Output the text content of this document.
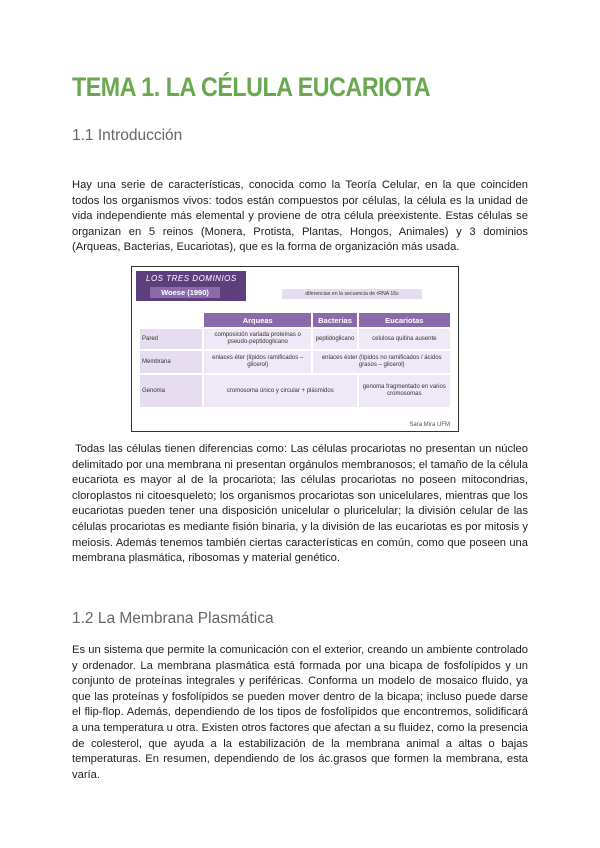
TEMA 1. LA CÉLULA EUCARIOTA
1.1 Introducción

Hay una serie de características, conocida como la Teoría Celular, en la que coinciden todos los organismos vivos: todos están compuestos por células, la célula es la unidad de vida independiente más elemental y proviene de otra célula preexistente. Estas células se organizan en 5 reinos (Monera, Protista, Plantas, Hongos, Animales) y 3 dominios (Arqueas, Bacterias, Eucariotas), que es la forma de organización más usada.

LOS TRES DOMINIOS
Woese (1990)	diferencias en la secuencia de rRNA 16s
	Arqueas	Bacterias	Eucariotas
Pared	composición variada proteínas o pseudo-peptidoglicano	peptidoglicano	celulosa quitina ausente
Membrana	enlaces éter (lípidos ramificados – glicerol)	enlaces éster (lípidos no ramificados / ácidos grasos – glicerol)	
Genoma	cromosoma único y circular + plásmidos		genoma fragmentado en varios cromosomas
Sara Mira UFM

Todas las células tienen diferencias como: Las células procariotas no presentan un núcleo delimitado por una membrana ni presentan orgánulos membranosos; el tamaño de la célula eucariota es mayor al de la procariota; las células procariotas no poseen mitocondrias, cloroplastos ni citoesqueleto; los organismos procariotas son unicelulares, mientras que los eucariotas pueden tener una disposición unicelular o pluricelular; la división celular de las células procariotas es mediante fisión binaria, y la división de las eucariotas es por mitosis y meiosis. Además tenemos también ciertas características en común, como que poseen una membrana plasmática, ribosomas y material genético.

1.2 La Membrana Plasmática

Es un sistema que permite la comunicación con el exterior, creando un ambiente controlado y ordenador. La membrana plasmática está formada por una bicapa de fosfolípidos y un conjunto de proteínas integrales y periféricas. Conforma un modelo de mosaico fluido, ya que las proteínas y fosfolípidos se pueden mover dentro de la bicapa; incluso puede darse el flip-flop. Además, dependiendo de los tipos de fosfolípidos que encontremos, solidificará a una temperatura u otra. Existen otros factores que afectan a su fluidez, como la presencia de colesterol, que ayuda a la estabilización de la membrana animal a altas o bajas temperaturas. En resumen, dependiendo de los ác.grasos que formen la membrana, esta varía.
